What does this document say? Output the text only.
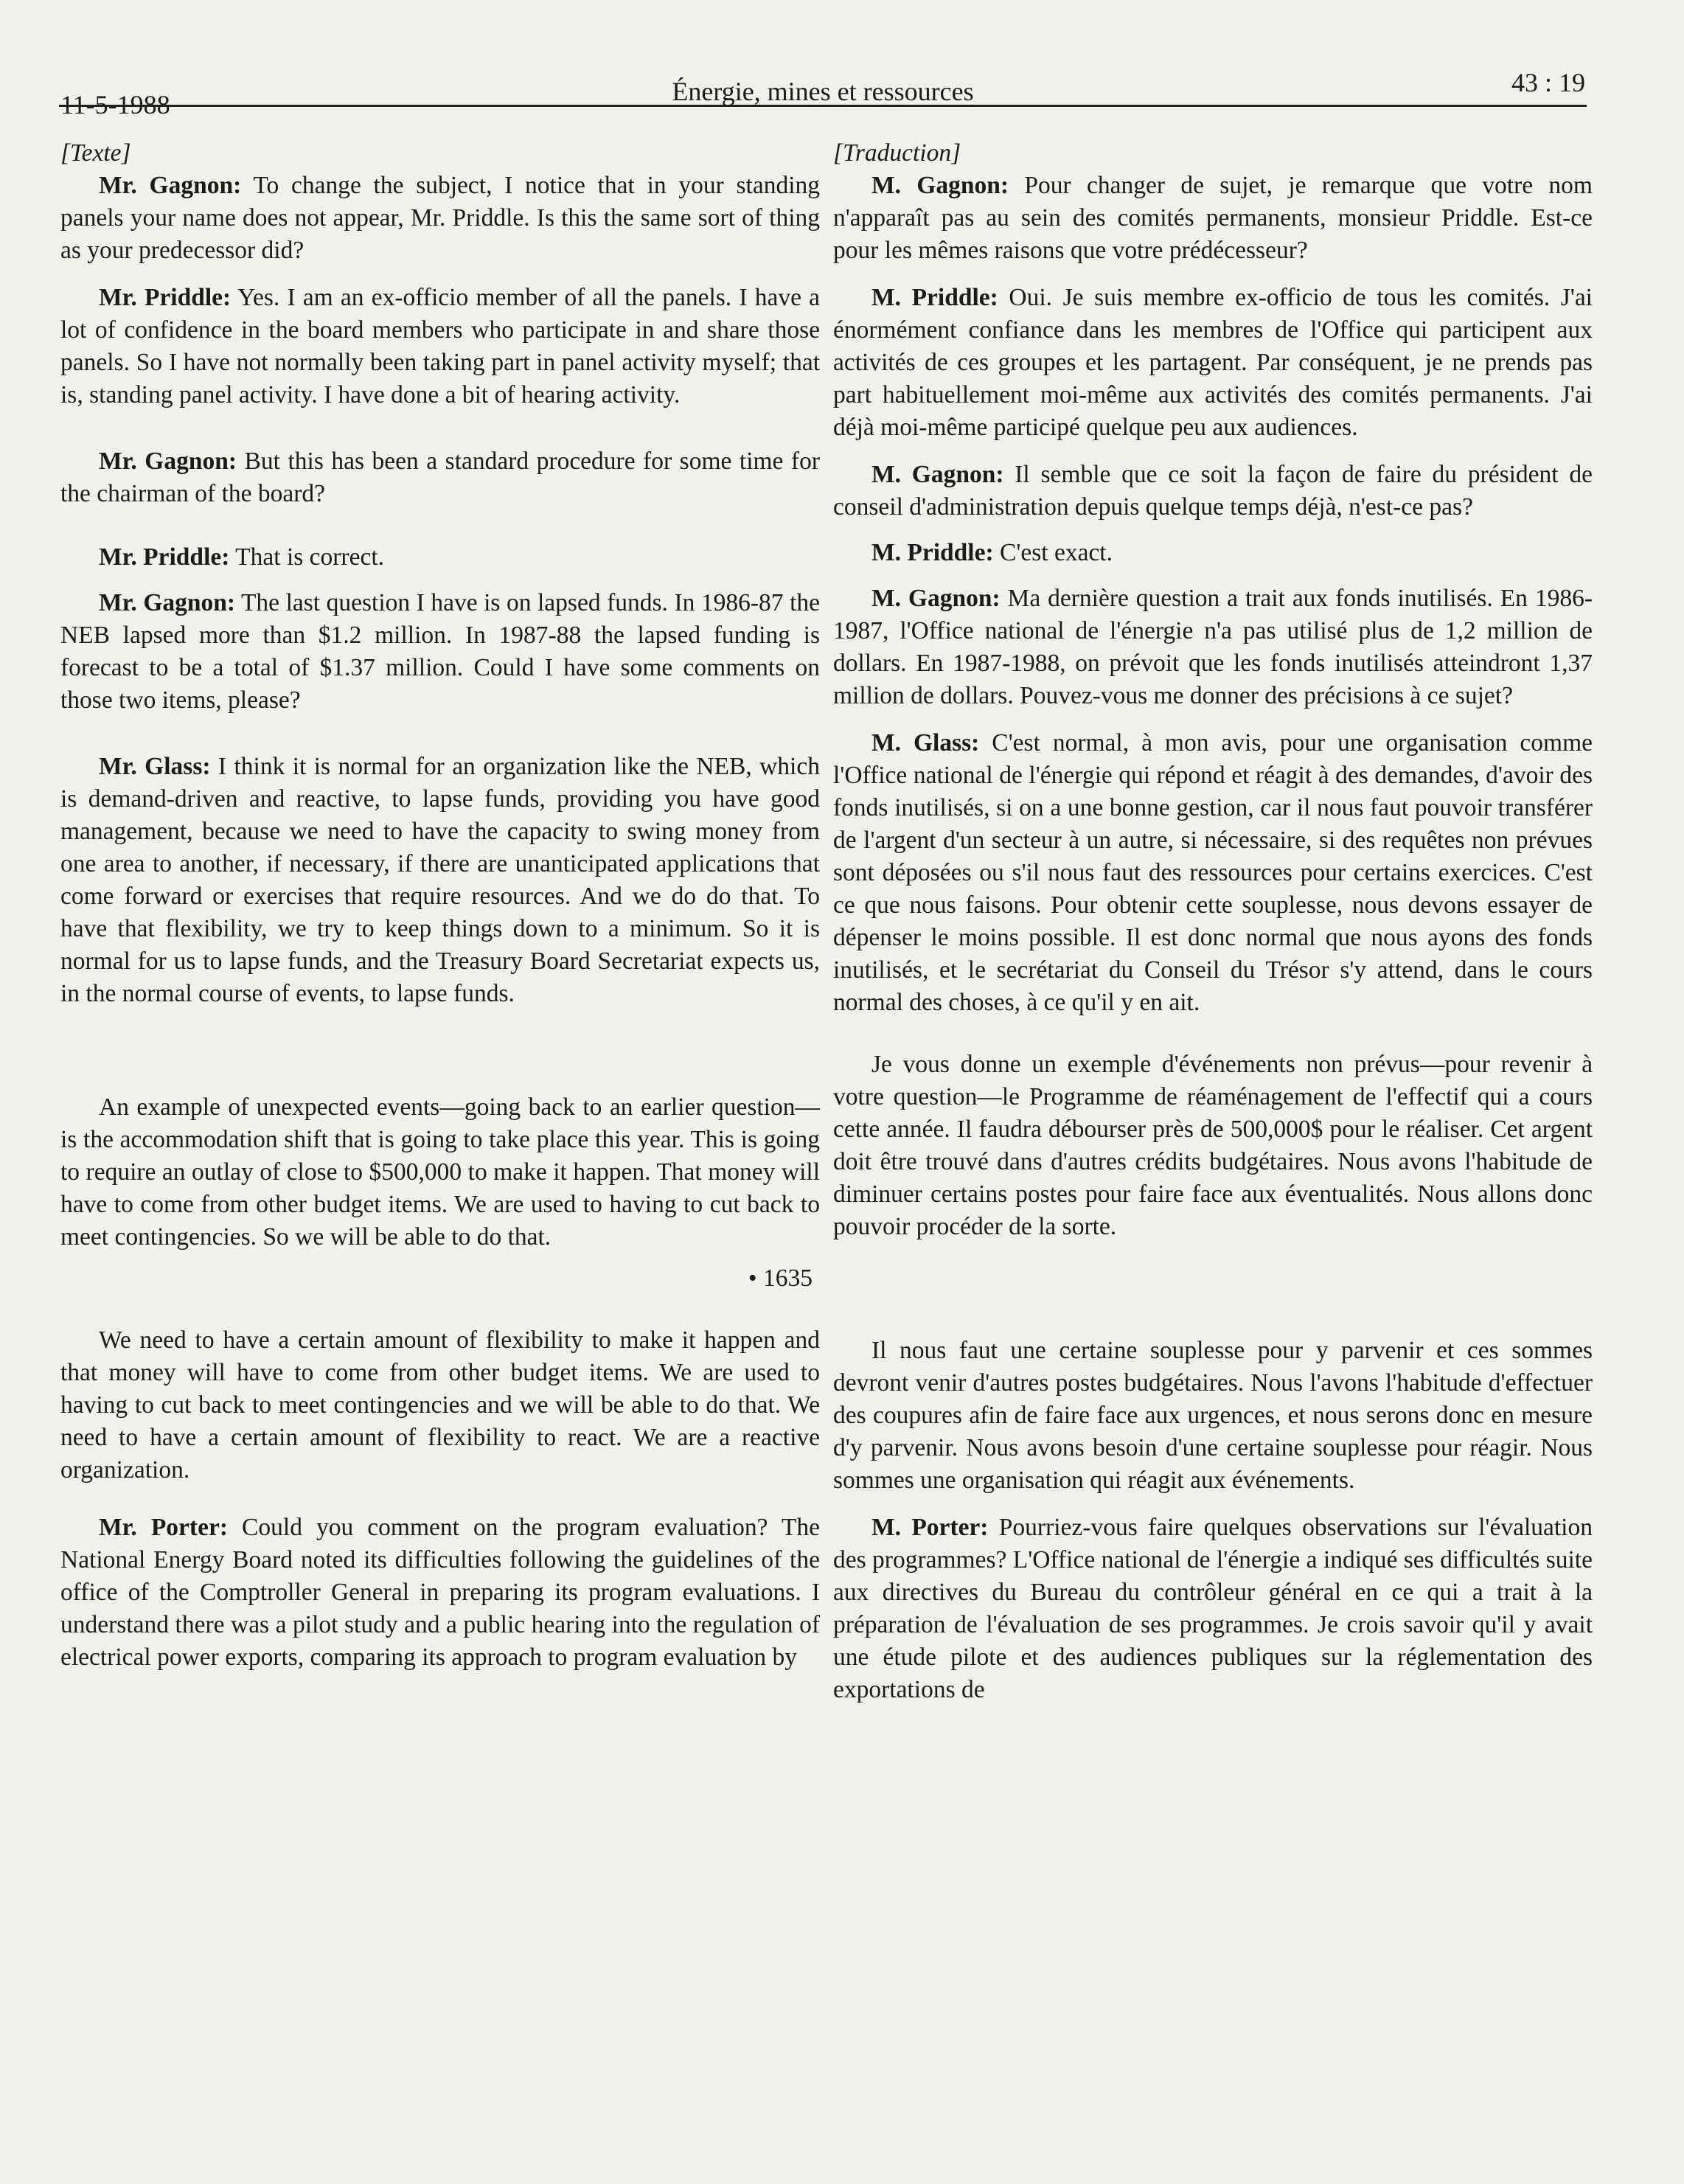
11-5-1988	Énergie, mines et ressources	43 : 19
[Texte]

Mr. Gagnon: To change the subject, I notice that in your standing panels your name does not appear, Mr. Priddle. Is this the same sort of thing as your predecessor did?

Mr. Priddle: Yes. I am an ex-officio member of all the panels. I have a lot of confidence in the board members who participate in and share those panels. So I have not normally been taking part in panel activity myself; that is, standing panel activity. I have done a bit of hearing activity.

Mr. Gagnon: But this has been a standard procedure for some time for the chairman of the board?

Mr. Priddle: That is correct.

Mr. Gagnon: The last question I have is on lapsed funds. In 1986-87 the NEB lapsed more than $1.2 million. In 1987-88 the lapsed funding is forecast to be a total of $1.37 million. Could I have some comments on those two items, please?

Mr. Glass: I think it is normal for an organization like the NEB, which is demand-driven and reactive, to lapse funds, providing you have good management, because we need to have the capacity to swing money from one area to another, if necessary, if there are unanticipated applications that come forward or exercises that require resources. And we do do that. To have that flexibility, we try to keep things down to a minimum. So it is normal for us to lapse funds, and the Treasury Board Secretariat expects us, in the normal course of events, to lapse funds.

An example of unexpected events—going back to an earlier question—is the accommodation shift that is going to take place this year. This is going to require an outlay of close to $500,000 to make it happen. That money will have to come from other budget items. We are used to having to cut back to meet contingencies. So we will be able to do that.

• 1635

We need to have a certain amount of flexibility to make it happen and that money will have to come from other budget items. We are used to having to cut back to meet contingencies and we will be able to do that. We need to have a certain amount of flexibility to react. We are a reactive organization.

Mr. Porter: Could you comment on the program evaluation? The National Energy Board noted its difficulties following the guidelines of the office of the Comptroller General in preparing its program evaluations. I understand there was a pilot study and a public hearing into the regulation of electrical power exports, comparing its approach to program evaluation by

[Traduction]

M. Gagnon: Pour changer de sujet, je remarque que votre nom n'apparaît pas au sein des comités permanents, monsieur Priddle. Est-ce pour les mêmes raisons que votre prédécesseur?

M. Priddle: Oui. Je suis membre ex-officio de tous les comités. J'ai énormément confiance dans les membres de l'Office qui participent aux activités de ces groupes et les partagent. Par conséquent, je ne prends pas part habituellement moi-même aux activités des comités permanents. J'ai déjà moi-même participé quelque peu aux audiences.

M. Gagnon: Il semble que ce soit la façon de faire du président de conseil d'administration depuis quelque temps déjà, n'est-ce pas?

M. Priddle: C'est exact.

M. Gagnon: Ma dernière question a trait aux fonds inutilisés. En 1986-1987, l'Office national de l'énergie n'a pas utilisé plus de 1,2 million de dollars. En 1987-1988, on prévoit que les fonds inutilisés atteindront 1,37 million de dollars. Pouvez-vous me donner des précisions à ce sujet?

M. Glass: C'est normal, à mon avis, pour une organisation comme l'Office national de l'énergie qui répond et réagit à des demandes, d'avoir des fonds inutilisés, si on a une bonne gestion, car il nous faut pouvoir transférer de l'argent d'un secteur à un autre, si nécessaire, si des requêtes non prévues sont déposées ou s'il nous faut des ressources pour certains exercices. C'est ce que nous faisons. Pour obtenir cette souplesse, nous devons essayer de dépenser le moins possible. Il est donc normal que nous ayons des fonds inutilisés, et le secrétariat du Conseil du Trésor s'y attend, dans le cours normal des choses, à ce qu'il y en ait.

Je vous donne un exemple d'événements non prévus—pour revenir à votre question—le Programme de réaménagement de l'effectif qui a cours cette année. Il faudra débourser près de 500,000$ pour le réaliser. Cet argent doit être trouvé dans d'autres crédits budgétaires. Nous avons l'habitude de diminuer certains postes pour faire face aux éventualités. Nous allons donc pouvoir procéder de la sorte.

Il nous faut une certaine souplesse pour y parvenir et ces sommes devront venir d'autres postes budgétaires. Nous l'avons l'habitude d'effectuer des coupures afin de faire face aux urgences, et nous serons donc en mesure d'y parvenir. Nous avons besoin d'une certaine souplesse pour réagir. Nous sommes une organisation qui réagit aux événements.

M. Porter: Pourriez-vous faire quelques observations sur l'évaluation des programmes? L'Office national de l'énergie a indiqué ses difficultés suite aux directives du Bureau du contrôleur général en ce qui a trait à la préparation de l'évaluation de ses programmes. Je crois savoir qu'il y avait une étude pilote et des audiences publiques sur la réglementation des exportations de
